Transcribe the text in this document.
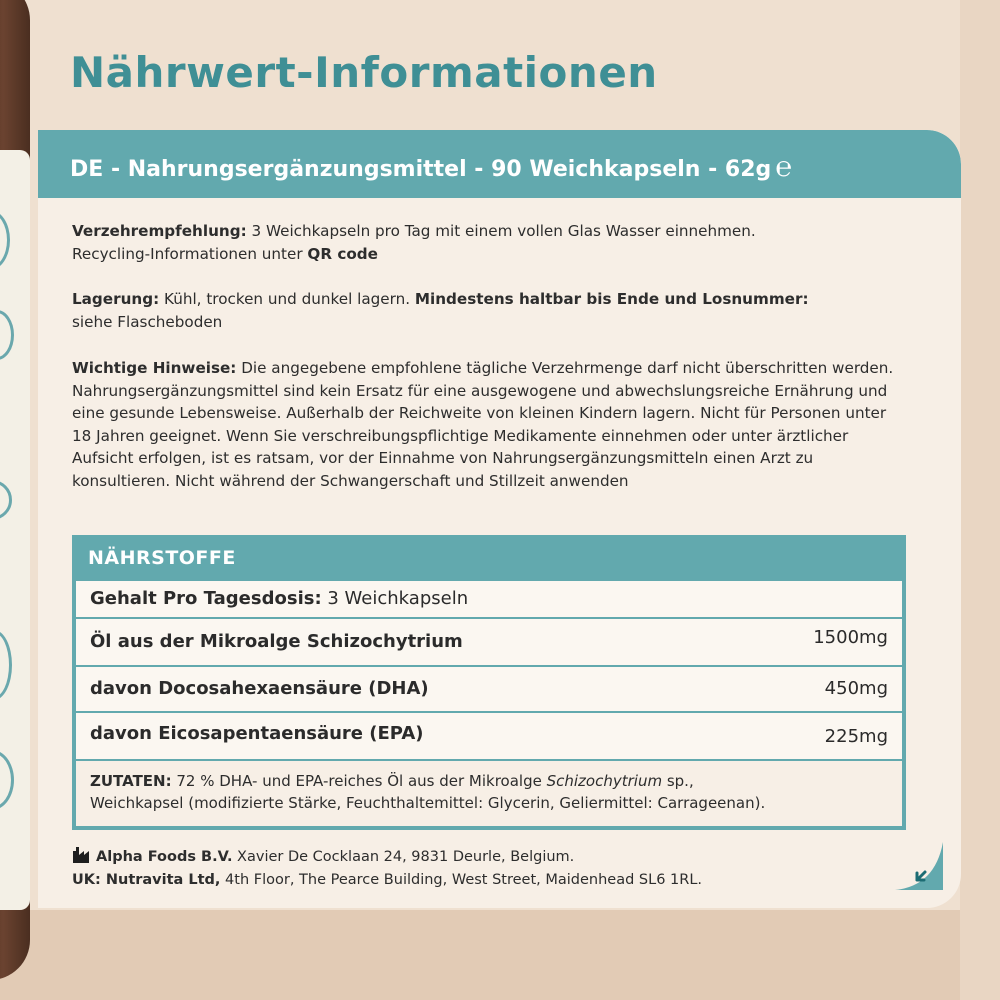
Nährwert-Informationen
DE - Nahrungsergänzungsmittel - 90 Weichkapseln - 62g ℮
Verzehrempfehlung: 3 Weichkapseln pro Tag mit einem vollen Glas Wasser einnehmen.
Recycling-Informationen unter QR code
Lagerung: Kühl, trocken und dunkel lagern. Mindestens haltbar bis Ende und Losnummer:
siehe Flascheboden
Wichtige Hinweise: Die angegebene empfohlene tägliche Verzehrmenge darf nicht überschritten werden. Nahrungsergänzungsmittel sind kein Ersatz für eine ausgewogene und abwechslungsreiche Ernährung und eine gesunde Lebensweise. Außerhalb der Reichweite von kleinen Kindern lagern. Nicht für Personen unter 18 Jahren geeignet. Wenn Sie verschreibungspflichtige Medikamente einnehmen oder unter ärztlicher Aufsicht erfolgen, ist es ratsam, vor der Einnahme von Nahrungsergänzungsmitteln einen Arzt zu konsultieren. Nicht während der Schwangerschaft und Stillzeit anwenden
NÄHRSTOFFE
Gehalt Pro Tagesdosis: 3 Weichkapseln
Öl aus der Mikroalge Schizochytrium	1500mg
davon Docosahexaensäure (DHA)	450mg
davon Eicosapentaensäure (EPA)	225mg
ZUTATEN: 72 % DHA- und EPA-reiches Öl aus der Mikroalge Schizochytrium sp.,
Weichkapsel (modifizierte Stärke, Feuchthaltemittel: Glycerin, Geliermittel: Carrageenan).
Alpha Foods B.V. Xavier De Cocklaan 24, 9831 Deurle, Belgium.
UK: Nutravita Ltd, 4th Floor, The Pearce Building, West Street, Maidenhead SL6 1RL.
